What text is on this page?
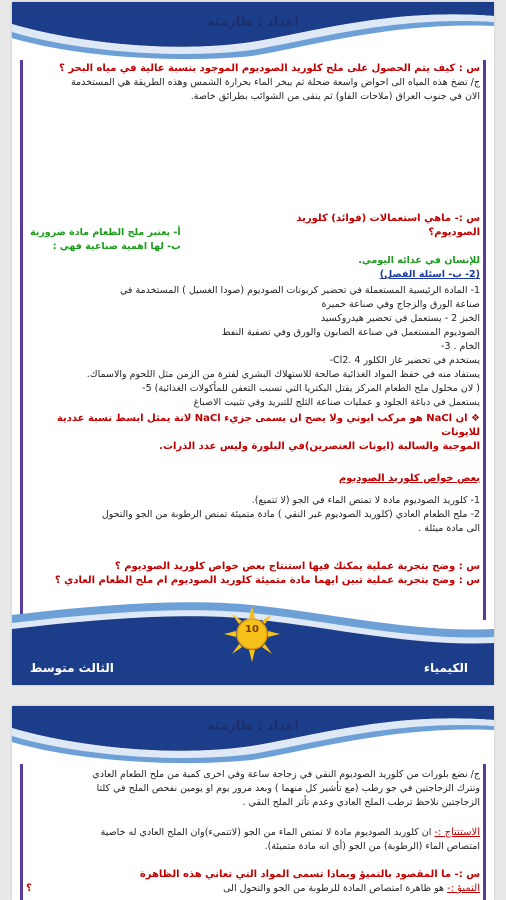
اعداد : طارمثه
س : كيف يتم الحصول على ملح كلوريد الصوديوم الموجود بنسبة عالية في مياه البحر ؟
ج/ تضخ هذه المياه الى احواض واسعة ضحلة ثم يبخر الماء بحرارة الشمس وهذه الطريقة هي المستخدمة
الان في جنوب العراق (ملاحات الفاو) ثم ينقى من الشوائب بطرائق خاصة.
س :- ماهي استعمالات (فوائد) كلوريد
الصوديوم؟
أ- يعتبر ملح الطعام مادة ضرورية
ب- لها اهمية صناعية فهي :
للإنسان في غذائه اليومي.
(2- ب- اسئلة الفصل)
1- المادة الرئيسية المستعملة في تحضير كربونات الصوديوم (صودا الغسيل ) المستخدمة في
صناعة الورق والزجاج وفي صناعة خميرة
الخبز 2 - يستعمل في تحضير هيدروكسيد
الصوديوم المستعمل في صناعة الصابون والورق وفي تصفية النفط
الخام . 3-
يستخدم في تحضير غاز الكلور Cl2. 4-
يستفاد منه في حفظ المواد الغذائية صالحة للاستهلاك البشري لفترة من الزمن مثل اللحوم والاسماك.
( لان محلول ملح الطعام المركز يقتل البكتريا التي تسبب التعفن للمأكولات الغذائية) 5-
يستعمل في دباغة الجلود و عمليات صناعة الثلج للتبريد وفي تثبيت الاصباغ
❖ ان NaCl هو مركب ايوني ولا يصح ان يسمى جزيء NaCl لانة يمثل ابسط نسبة عددية للايونات
الموجبة والسالبة (ايونات العنصرين)في البلورة وليس عدد الذرات.
بعض خواص كلوريد الصوديوم
1- كلوريد الصوديوم مادة لا تمتص الماء في الجو (لا تتميع).
2- ملح الطعام العادي (كلوريد الصوديوم غير النقي ) مادة متميئة تمتص الرطوبة من الجو والتحول
الى مادة ميئلة .
س : وضح بتجربة عملية يمكنك فيها استنتاج بعض خواص كلوريد الصوديوم ؟
س : وضح بتجربة عملية تبين ايهما مادة متميئة كلوريد الصوديوم ام ملح الطعام العادي ؟
10
الثالث متوسط	الكيمياء
اعداد : طارمثه
ج/ نضع بلورات من كلوريد الصوديوم النقي في زجاجة ساعة وفي اخرى كمية من ملح الطعام العادي
ونترك الزجاجتين في جو رطب (مع تأشير كل منهما ) وبعد مرور يوم او يومين نفحص الملح في كلتا
الزجاجتين نلاحظ ترطب الملح العادي وعدم تأثر الملح النقي .
الاستنتاج :- ان كلوريد الصوديوم مادة لا تمتص الماء من الجو (لاتتميء)وان الملح العادي له خاصية
امتصاص الماء (الرطوبة) من الجو (أي انه مادة متميئة).
س :- ما المقصود بالتميؤ وبماذا تسمى المواد التي تعاني هذه الظاهرة
التميؤ :- هو ظاهرة امتصاص المادة للرطوبة من الجو والتحول الى
؟
